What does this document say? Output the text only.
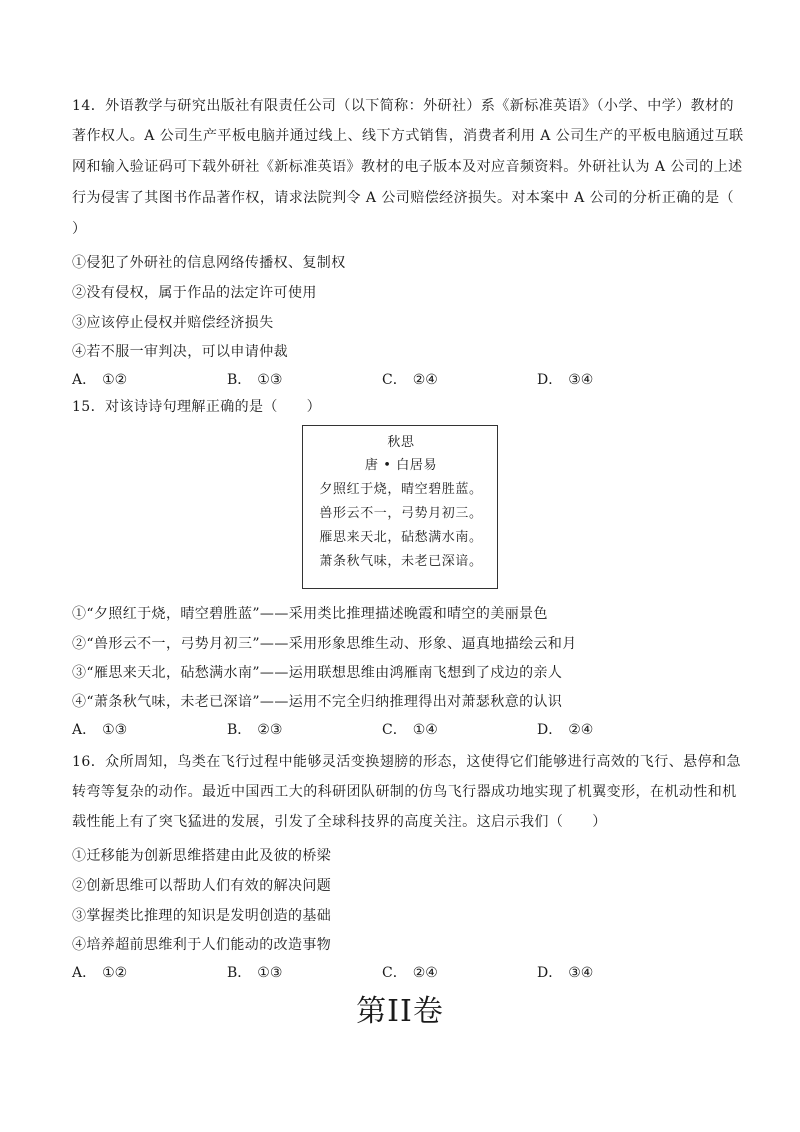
14．外语教学与研究出版社有限责任公司（以下简称：外研社）系《新标准英语》（小学、中学）教材的
著作权人。A 公司生产平板电脑并通过线上、线下方式销售，消费者利用 A 公司生产的平板电脑通过互联
网和输入验证码可下载外研社《新标准英语》教材的电子版本及对应音频资料。外研社认为 A 公司的上述
行为侵害了其图书作品著作权，请求法院判令 A 公司赔偿经济损失。对本案中 A 公司的分析正确的是（
）
①侵犯了外研社的信息网络传播权、复制权
②没有侵权，属于作品的法定许可使用
③应该停止侵权并赔偿经济损失
④若不服一审判决，可以申请仲裁
A． ①②	B． ①③	C． ②④	D． ③④
15．对该诗诗句理解正确的是（　　）
秋思
唐 • 白居易
夕照红于烧，晴空碧胜蓝。
兽形云不一，弓势月初三。
雁思来天北，砧愁满水南。
萧条秋气味，未老已深谙。
①“夕照红于烧，晴空碧胜蓝”——采用类比推理描述晚霞和晴空的美丽景色
②“兽形云不一，弓势月初三”——采用形象思维生动、形象、逼真地描绘云和月
③“雁思来天北，砧愁满水南”——运用联想思维由鸿雁南飞想到了戍边的亲人
④“萧条秋气味，未老已深谙”——运用不完全归纳推理得出对萧瑟秋意的认识
A． ①③	B． ②③	C． ①④	D． ②④
16．众所周知，鸟类在飞行过程中能够灵活变换翅膀的形态，这使得它们能够进行高效的飞行、悬停和急
转弯等复杂的动作。最近中国西工大的科研团队研制的仿鸟飞行器成功地实现了机翼变形，在机动性和机
载性能上有了突飞猛进的发展，引发了全球科技界的高度关注。这启示我们（　　）
①迁移能为创新思维搭建由此及彼的桥梁
②创新思维可以帮助人们有效的解决问题
③掌握类比推理的知识是发明创造的基础
④培养超前思维利于人们能动的改造事物
A． ①②	B． ①③	C． ②④	D． ③④
第II卷
